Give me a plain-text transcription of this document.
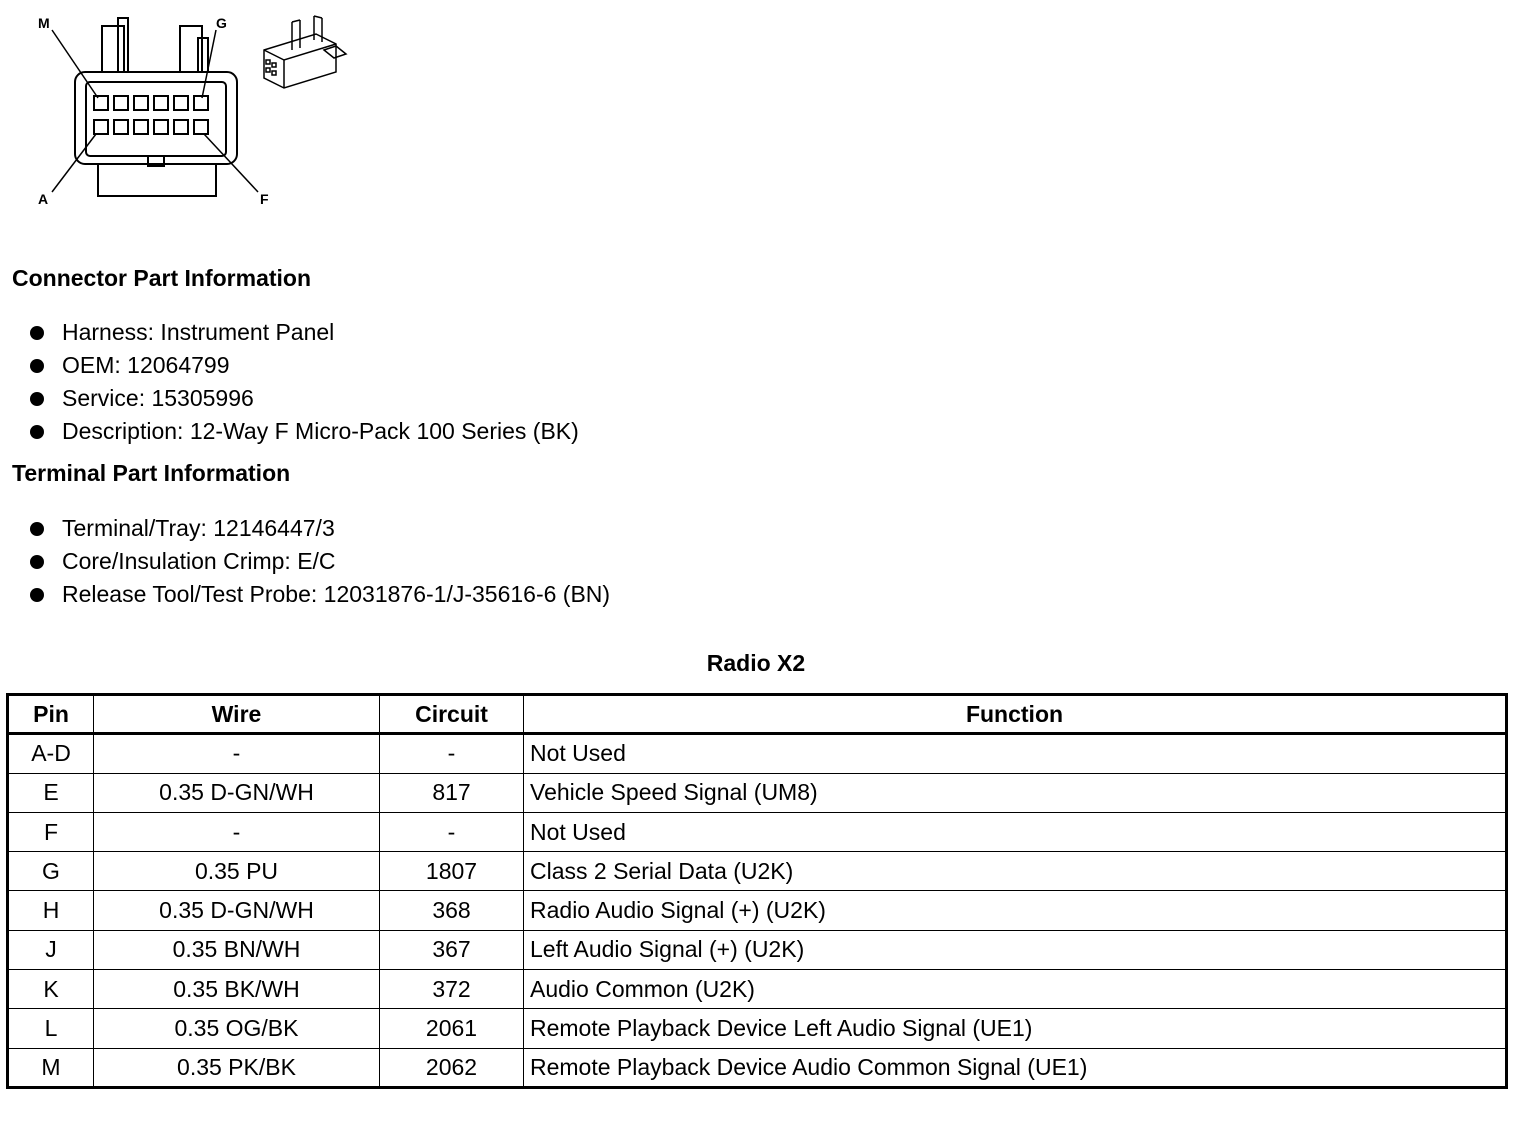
M	G
A	F
Connector Part Information
Harness: Instrument Panel
OEM: 12064799
Service: 15305996
Description: 12-Way F Micro-Pack 100 Series (BK)
Terminal Part Information
Terminal/Tray: 12146447/3
Core/Insulation Crimp: E/C
Release Tool/Test Probe: 12031876-1/J-35616-6 (BN)
Radio X2
Pin	Wire	Circuit	Function
A-D	-	-	Not Used
E	0.35 D-GN/WH	817	Vehicle Speed Signal (UM8)
F	-	-	Not Used
G	0.35 PU	1807	Class 2 Serial Data (U2K)
H	0.35 D-GN/WH	368	Radio Audio Signal (+) (U2K)
J	0.35 BN/WH	367	Left Audio Signal (+) (U2K)
K	0.35 BK/WH	372	Audio Common (U2K)
L	0.35 OG/BK	2061	Remote Playback Device Left Audio Signal (UE1)
M	0.35 PK/BK	2062	Remote Playback Device Audio Common Signal (UE1)
